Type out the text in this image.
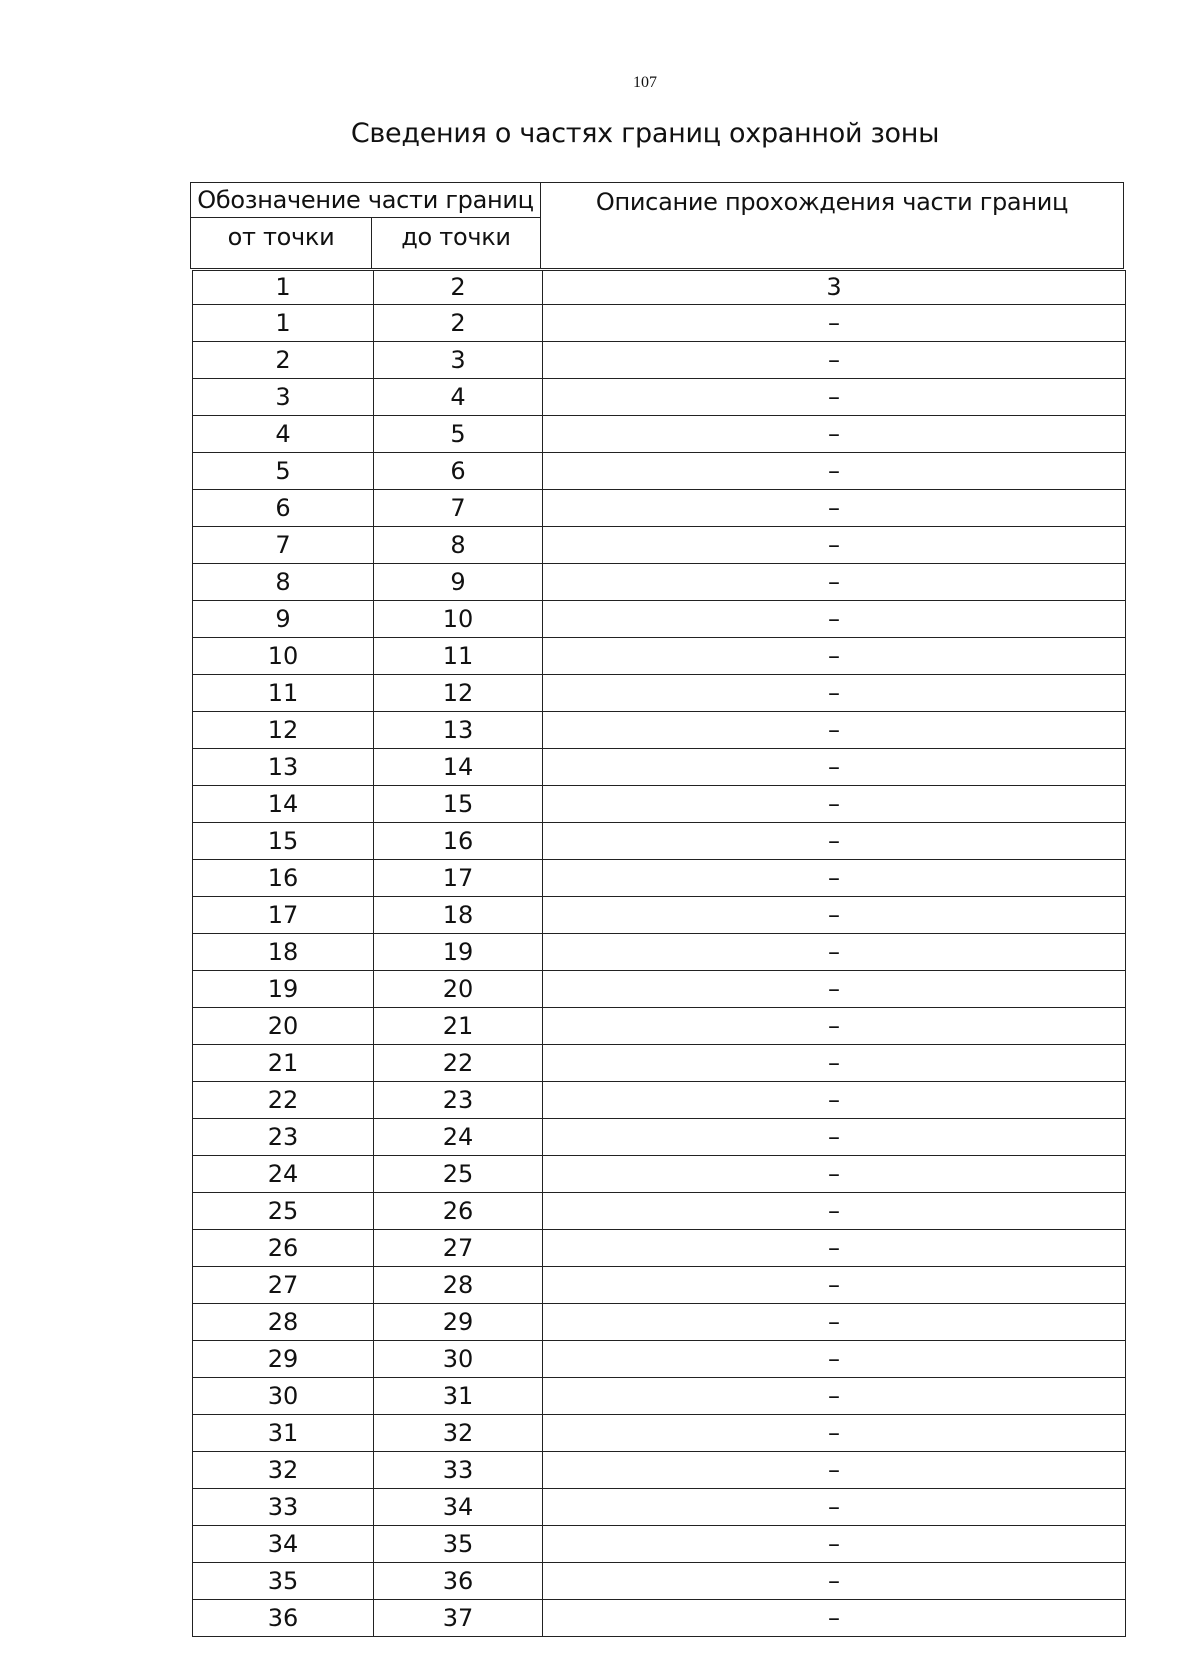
107
Сведения о частях границ охранной зоны
Обозначение части границ		Описание прохождения части границ
от точки	до точки	
1	2	3
1	2	–
2	3	–
3	4	–
4	5	–
5	6	–
6	7	–
7	8	–
8	9	–
9	10	–
10	11	–
11	12	–
12	13	–
13	14	–
14	15	–
15	16	–
16	17	–
17	18	–
18	19	–
19	20	–
20	21	–
21	22	–
22	23	–
23	24	–
24	25	–
25	26	–
26	27	–
27	28	–
28	29	–
29	30	–
30	31	–
31	32	–
32	33	–
33	34	–
34	35	–
35	36	–
36	37	–
